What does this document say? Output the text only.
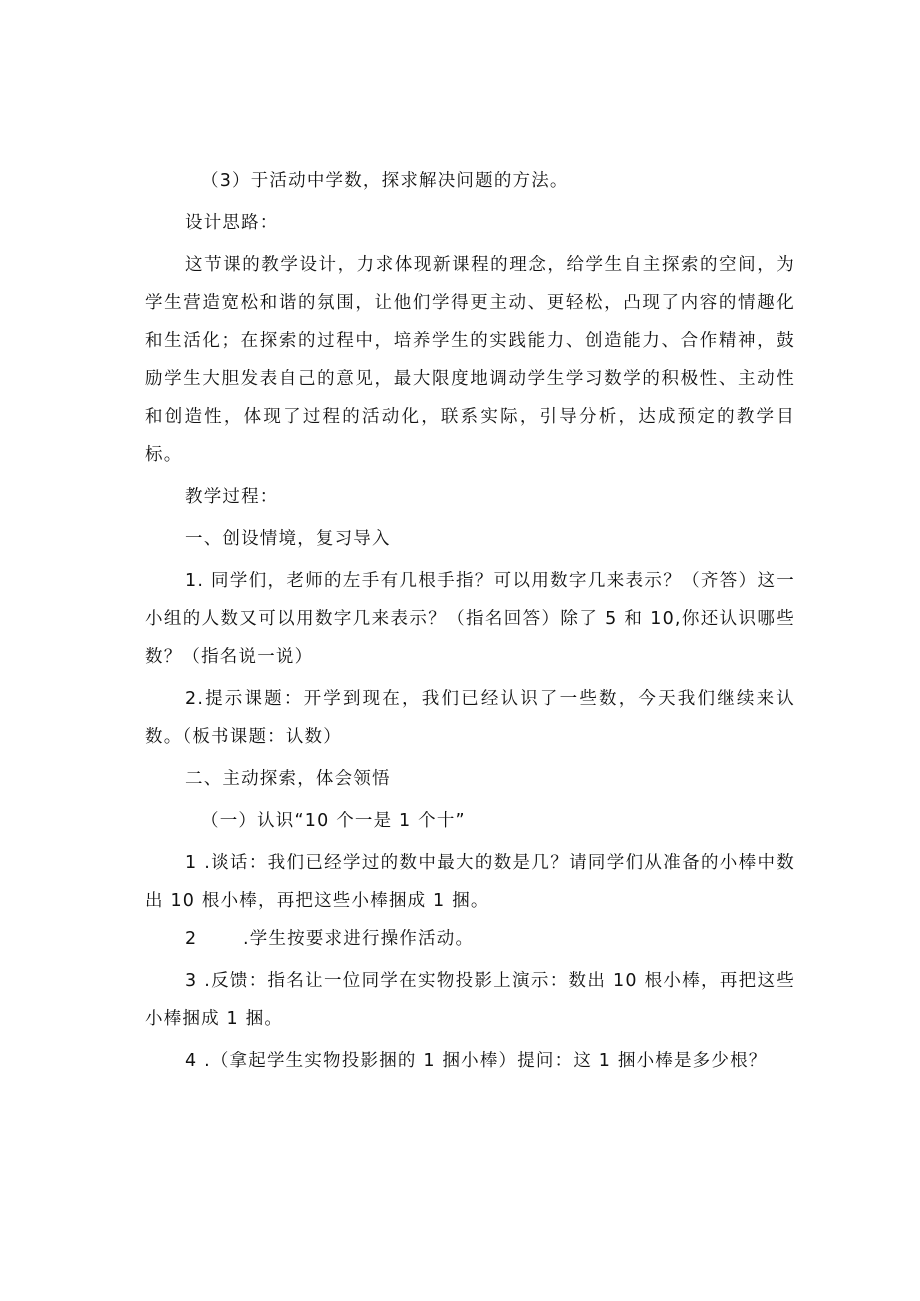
（3）于活动中学数，探求解决问题的方法。

设计思路：

这节课的教学设计，力求体现新课程的理念，给学生自主探索的空间，为学生营造宽松和谐的氛围，让他们学得更主动、更轻松，凸现了内容的情趣化和生活化；在探索的过程中，培养学生的实践能力、创造能力、合作精神，鼓励学生大胆发表自己的意见，最大限度地调动学生学习数学的积极性、主动性和创造性，体现了过程的活动化，联系实际，引导分析，达成预定的教学目标。

教学过程：

一、创设情境，复习导入

1. 同学们，老师的左手有几根手指？可以用数字几来表示？（齐答）这一小组的人数又可以用数字几来表示？（指名回答）除了 5 和 10,你还认识哪些数？（指名说一说）

2.提示课题：开学到现在，我们已经认识了一些数，今天我们继续来认数。（板书课题：认数）

二、主动探索，体会领悟

（一）认识“10 个一是 1 个十”

1 .谈话：我们已经学过的数中最大的数是几？请同学们从准备的小棒中数出 10 根小棒，再把这些小棒捆成 1 捆。

2	.学生按要求进行操作活动。

3 .反馈：指名让一位同学在实物投影上演示：数出 10 根小棒，再把这些小棒捆成 1 捆。

4 .（拿起学生实物投影捆的 1 捆小棒）提问：这 1 捆小棒是多少根？
